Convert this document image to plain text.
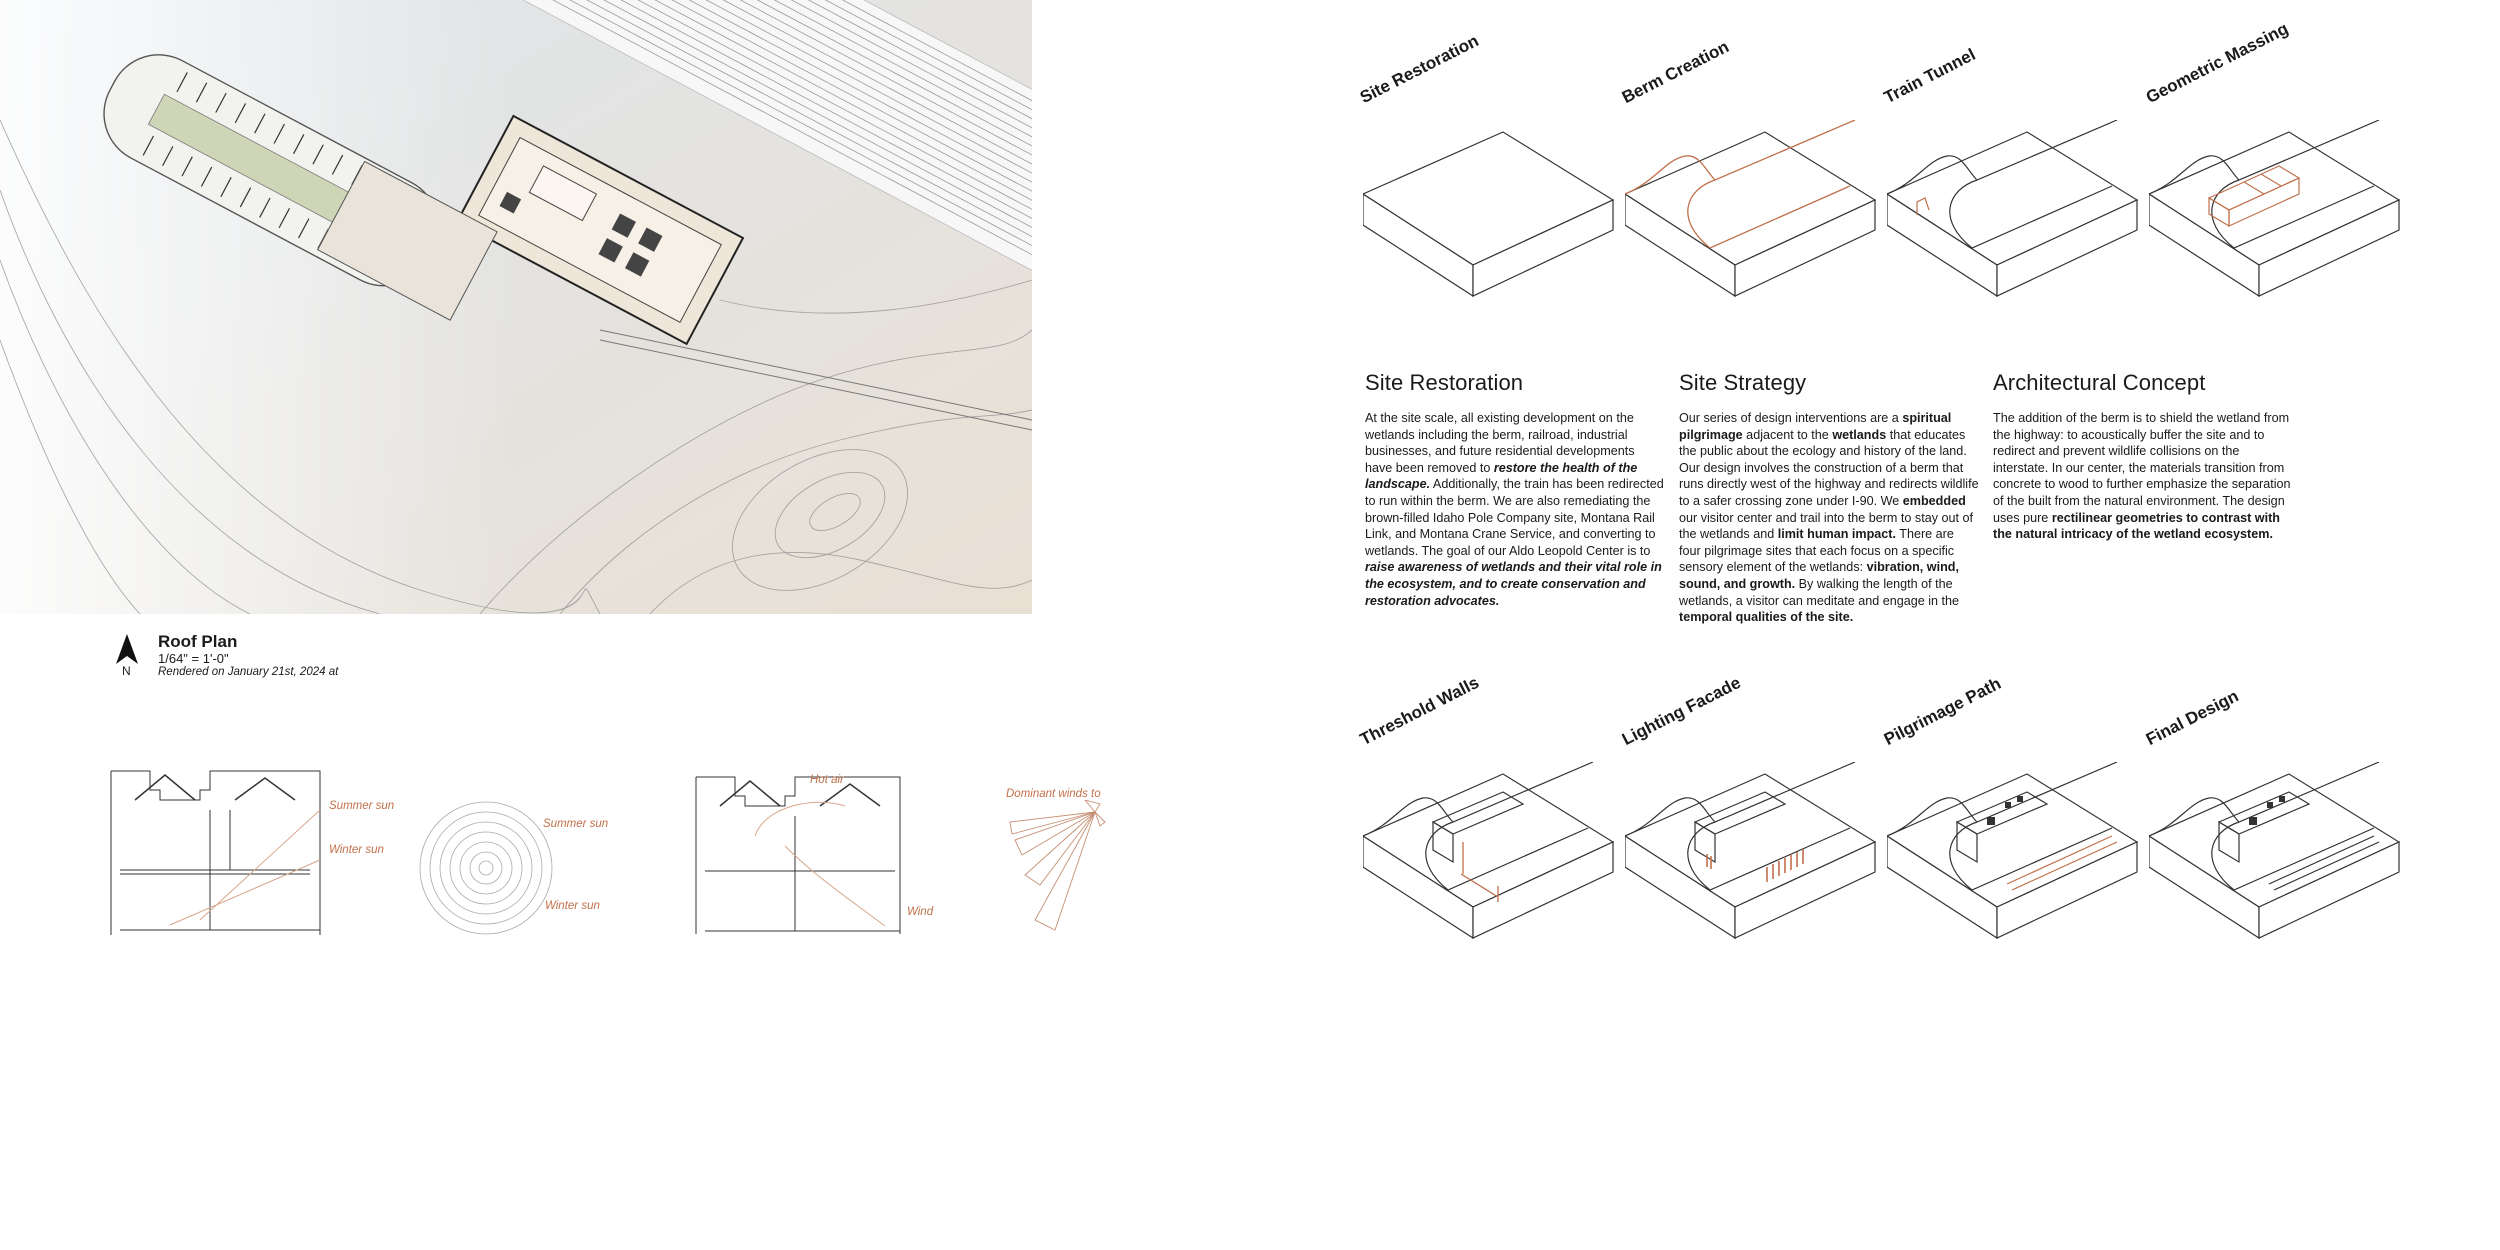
N
Roof Plan
1/64" = 1'-0"
Rendered on January 21st, 2024 at
Summer sun
Winter sun
Summer sun
Winter sun
Hot air
Wind
Dominant winds to
Site Restoration	Berm Creation	Train Tunnel	Geometric Massing
Site Restoration

At the site scale, all existing development on the wetlands including the berm, railroad, industrial businesses, and future residential developments have been removed to restore the health of the landscape. Additionally, the train has been redirected to run within the berm. We are also remediating the brown-filled Idaho Pole Company site, Montana Rail Link, and Montana Crane Service, and converting to wetlands. The goal of our Aldo Leopold Center is to raise awareness of wetlands and their vital role in the ecosystem, and to create conservation and restoration advocates.

Site Strategy

Our series of design interventions are a spiritual pilgrimage adjacent to the wetlands that educates the public about the ecology and history of the land. Our design involves the construction of a berm that runs directly west of the highway and redirects wildlife to a safer crossing zone under I-90. We embedded our visitor center and trail into the berm to stay out of the wetlands and limit human impact. There are four pilgrimage sites that each focus on a specific sensory element of the wetlands: vibration, wind, sound, and growth. By walking the length of the wetlands, a visitor can meditate and engage in the temporal qualities of the site.

Architectural Concept

The addition of the berm is to shield the wetland from the highway: to acoustically buffer the site and to redirect and prevent wildlife collisions on the interstate. In our center, the materials transition from concrete to wood to further emphasize the separation of the built from the natural environment. The design uses pure rectilinear geometries to contrast with the natural intricacy of the wetland ecosystem.

Threshold Walls	Lighting Facade	Pilgrimage Path	Final Design
